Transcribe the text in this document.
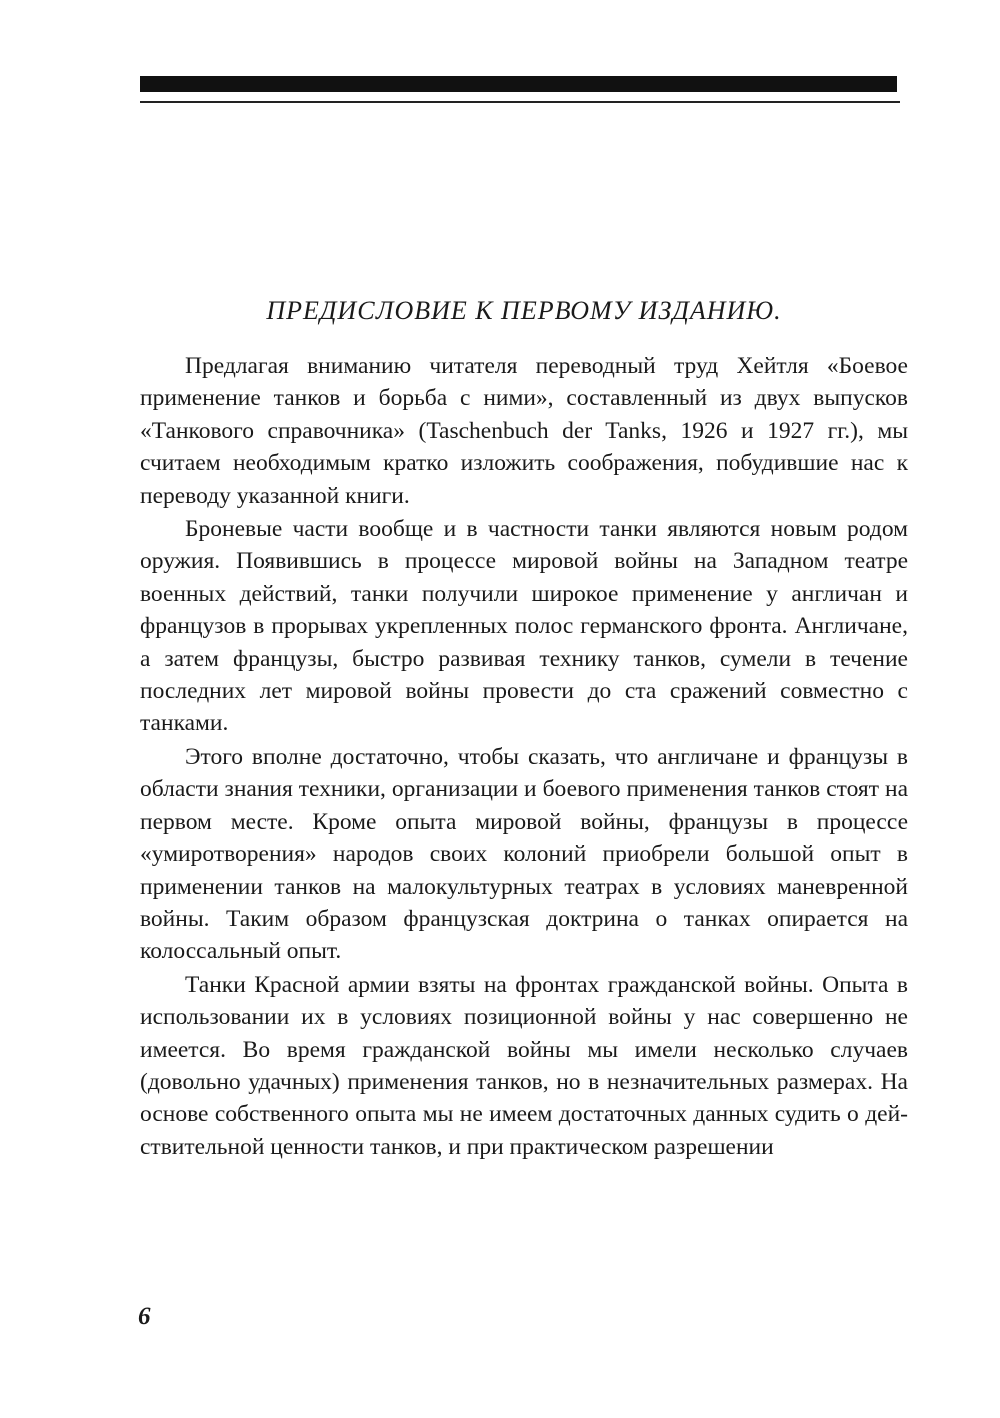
ПРЕДИСЛОВИЕ К ПЕРВОМУ ИЗДАНИЮ.

Предлагая вниманию читателя переводный труд Хейтля «Боевое применение танков и борьба с ними», составленный из двух выпусков «Танкового справочника» (Taschenbuch der Tanks, 1926 и 1927 гг.), мы считаем необходимым кратко изложить соображения, побудившие нас к переводу указанной книги.

Броневые части вообще и в частности танки являются новым родом оружия. Появившись в процессе мировой войны на Западном театре военных действий, танки получили широкое применение у англичан и французов в прорывах укрепленных полос германского фронта. Англичане, а затем французы, быстро развивая технику танков, сумели в течение последних лет мировой войны провести до ста сражений совместно с танками.

Этого вполне достаточно, чтобы сказать, что англичане и французы в области знания техники, организации и боевого применения танков стоят на первом месте. Кроме опыта мировой войны, французы в процессе «умиротворения» народов своих колоний приобрели большой опыт в применении танков на малокультурных театрах в условиях маневренной войны. Таким образом французская доктрина о танках опирается на колоссальный опыт.

Танки Красной армии взяты на фронтах гражданской войны. Опыта в использовании их в условиях позиционной войны у нас совершенно не имеется. Во время гражданской войны мы имели несколько случаев (довольно удачных) применения танков, но в незначительных размерах. На основе собственного опыта мы не имеем достаточных данных судить о действительной ценности танков, и при практическом разрешении

6
